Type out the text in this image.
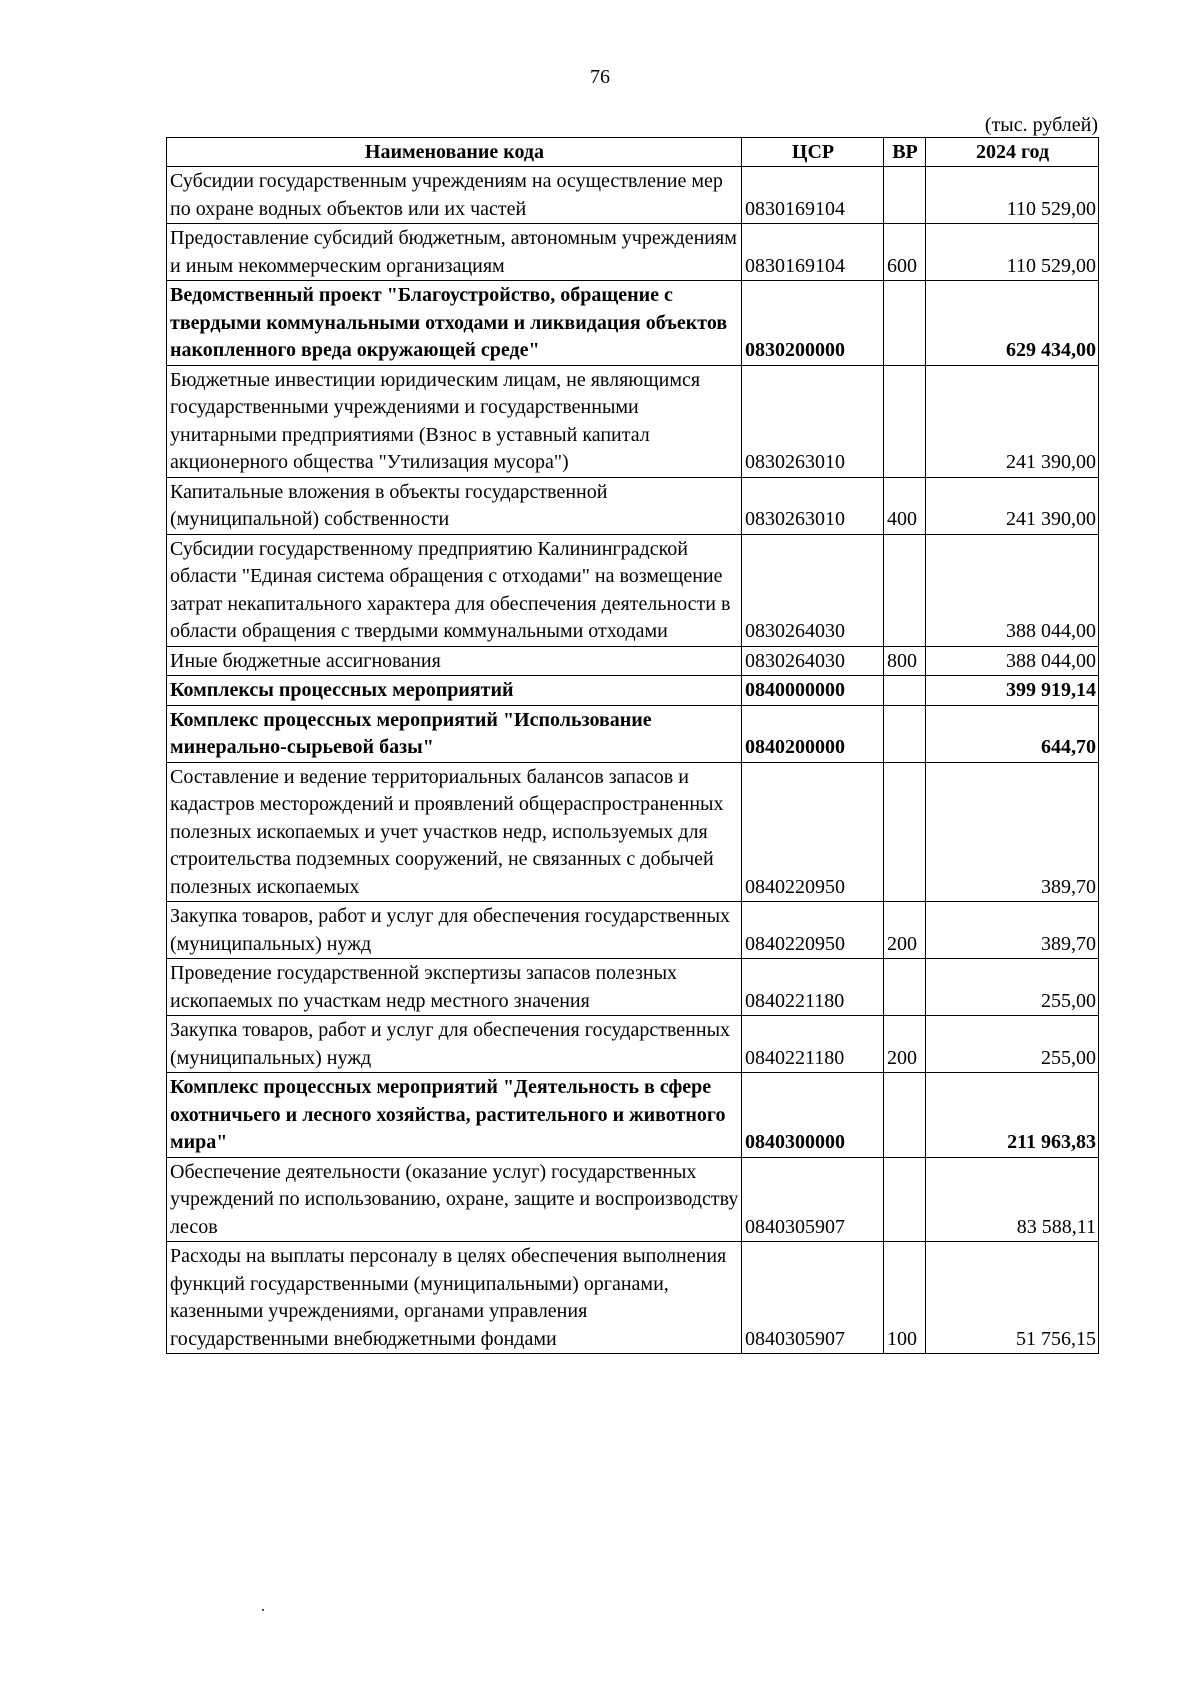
76
(тыс. рублей)
Наименование кода	ЦСР	ВР	2024 год
Субсидии государственным учреждениям на осуществление мер по охране водных объектов или их частей	0830169104		110 529,00
Предоставление субсидий бюджетным, автономным учреждениям и иным некоммерческим организациям	0830169104	600	110 529,00
Ведомственный проект "Благоустройство, обращение с твердыми коммунальными отходами и ликвидация объектов накопленного вреда окружающей среде"	0830200000		629 434,00
Бюджетные инвестиции юридическим лицам, не являющимся государственными учреждениями и государственными унитарными предприятиями (Взнос в уставный капитал акционерного общества "Утилизация мусора")	0830263010		241 390,00
Капитальные вложения в объекты государственной (муниципальной) собственности	0830263010	400	241 390,00
Субсидии государственному предприятию Калининградской области "Единая система обращения с отходами" на возмещение затрат некапитального характера для обеспечения деятельности в области обращения с твердыми коммунальными отходами	0830264030		388 044,00
Иные бюджетные ассигнования	0830264030	800	388 044,00
Комплексы процессных мероприятий	0840000000		399 919,14
Комплекс процессных мероприятий "Использование минерально-сырьевой базы"	0840200000		644,70
Составление и ведение территориальных балансов запасов и кадастров месторождений и проявлений общераспространенных полезных ископаемых и учет участков недр, используемых для строительства подземных сооружений, не связанных с добычей полезных ископаемых	0840220950		389,70
Закупка товаров, работ и услуг для обеспечения государственных (муниципальных) нужд	0840220950	200	389,70
Проведение государственной экспертизы запасов полезных ископаемых по участкам недр местного значения	0840221180		255,00
Закупка товаров, работ и услуг для обеспечения государственных (муниципальных) нужд	0840221180	200	255,00
Комплекс процессных мероприятий "Деятельность в сфере охотничьего и лесного хозяйства, растительного и животного мира"	0840300000		211 963,83
Обеспечение деятельности (оказание услуг) государственных учреждений по использованию, охране, защите и воспроизводству лесов	0840305907		83 588,11
Расходы на выплаты персоналу в целях обеспечения выполнения функций государственными (муниципальными) органами, казенными учреждениями, органами управления государственными внебюджетными фондами	0840305907	100	51 756,15
